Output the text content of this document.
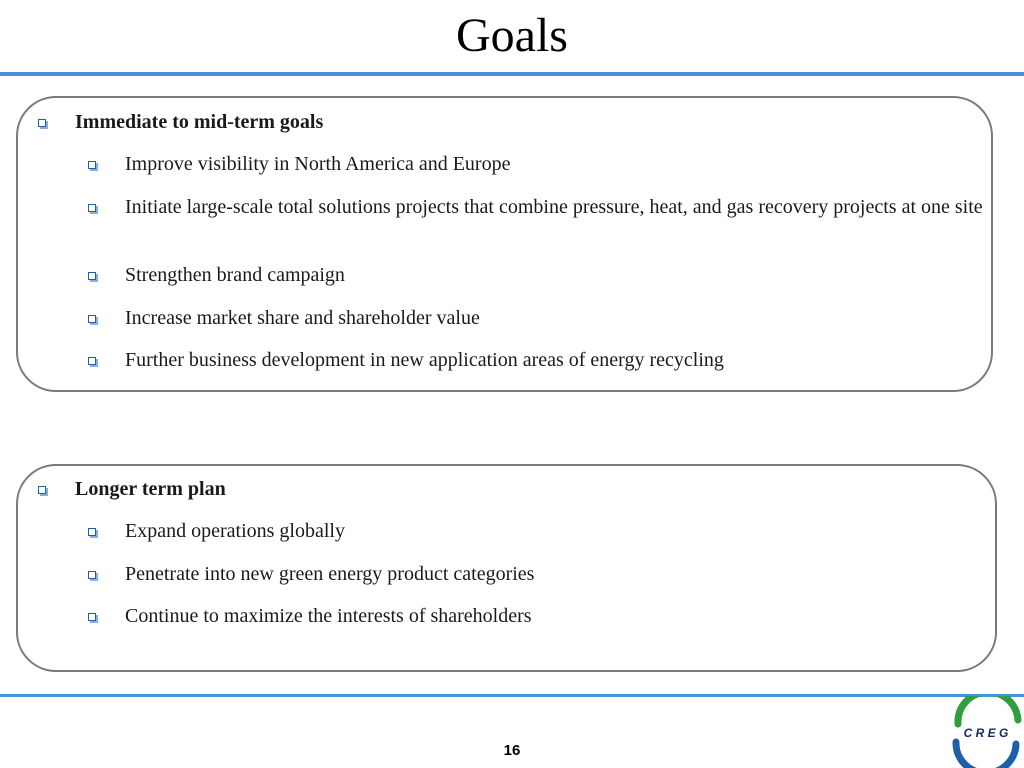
Goals
Immediate to mid-term goals
Improve visibility in North America and Europe
Initiate large-scale total solutions projects that combine pressure, heat, and gas recovery projects at one site
Strengthen brand campaign
Increase market share and shareholder value
Further business development in new application areas of energy recycling
Longer term plan
Expand operations globally
Penetrate into new green energy product categories
Continue to maximize the interests of shareholders
16
C R E G
